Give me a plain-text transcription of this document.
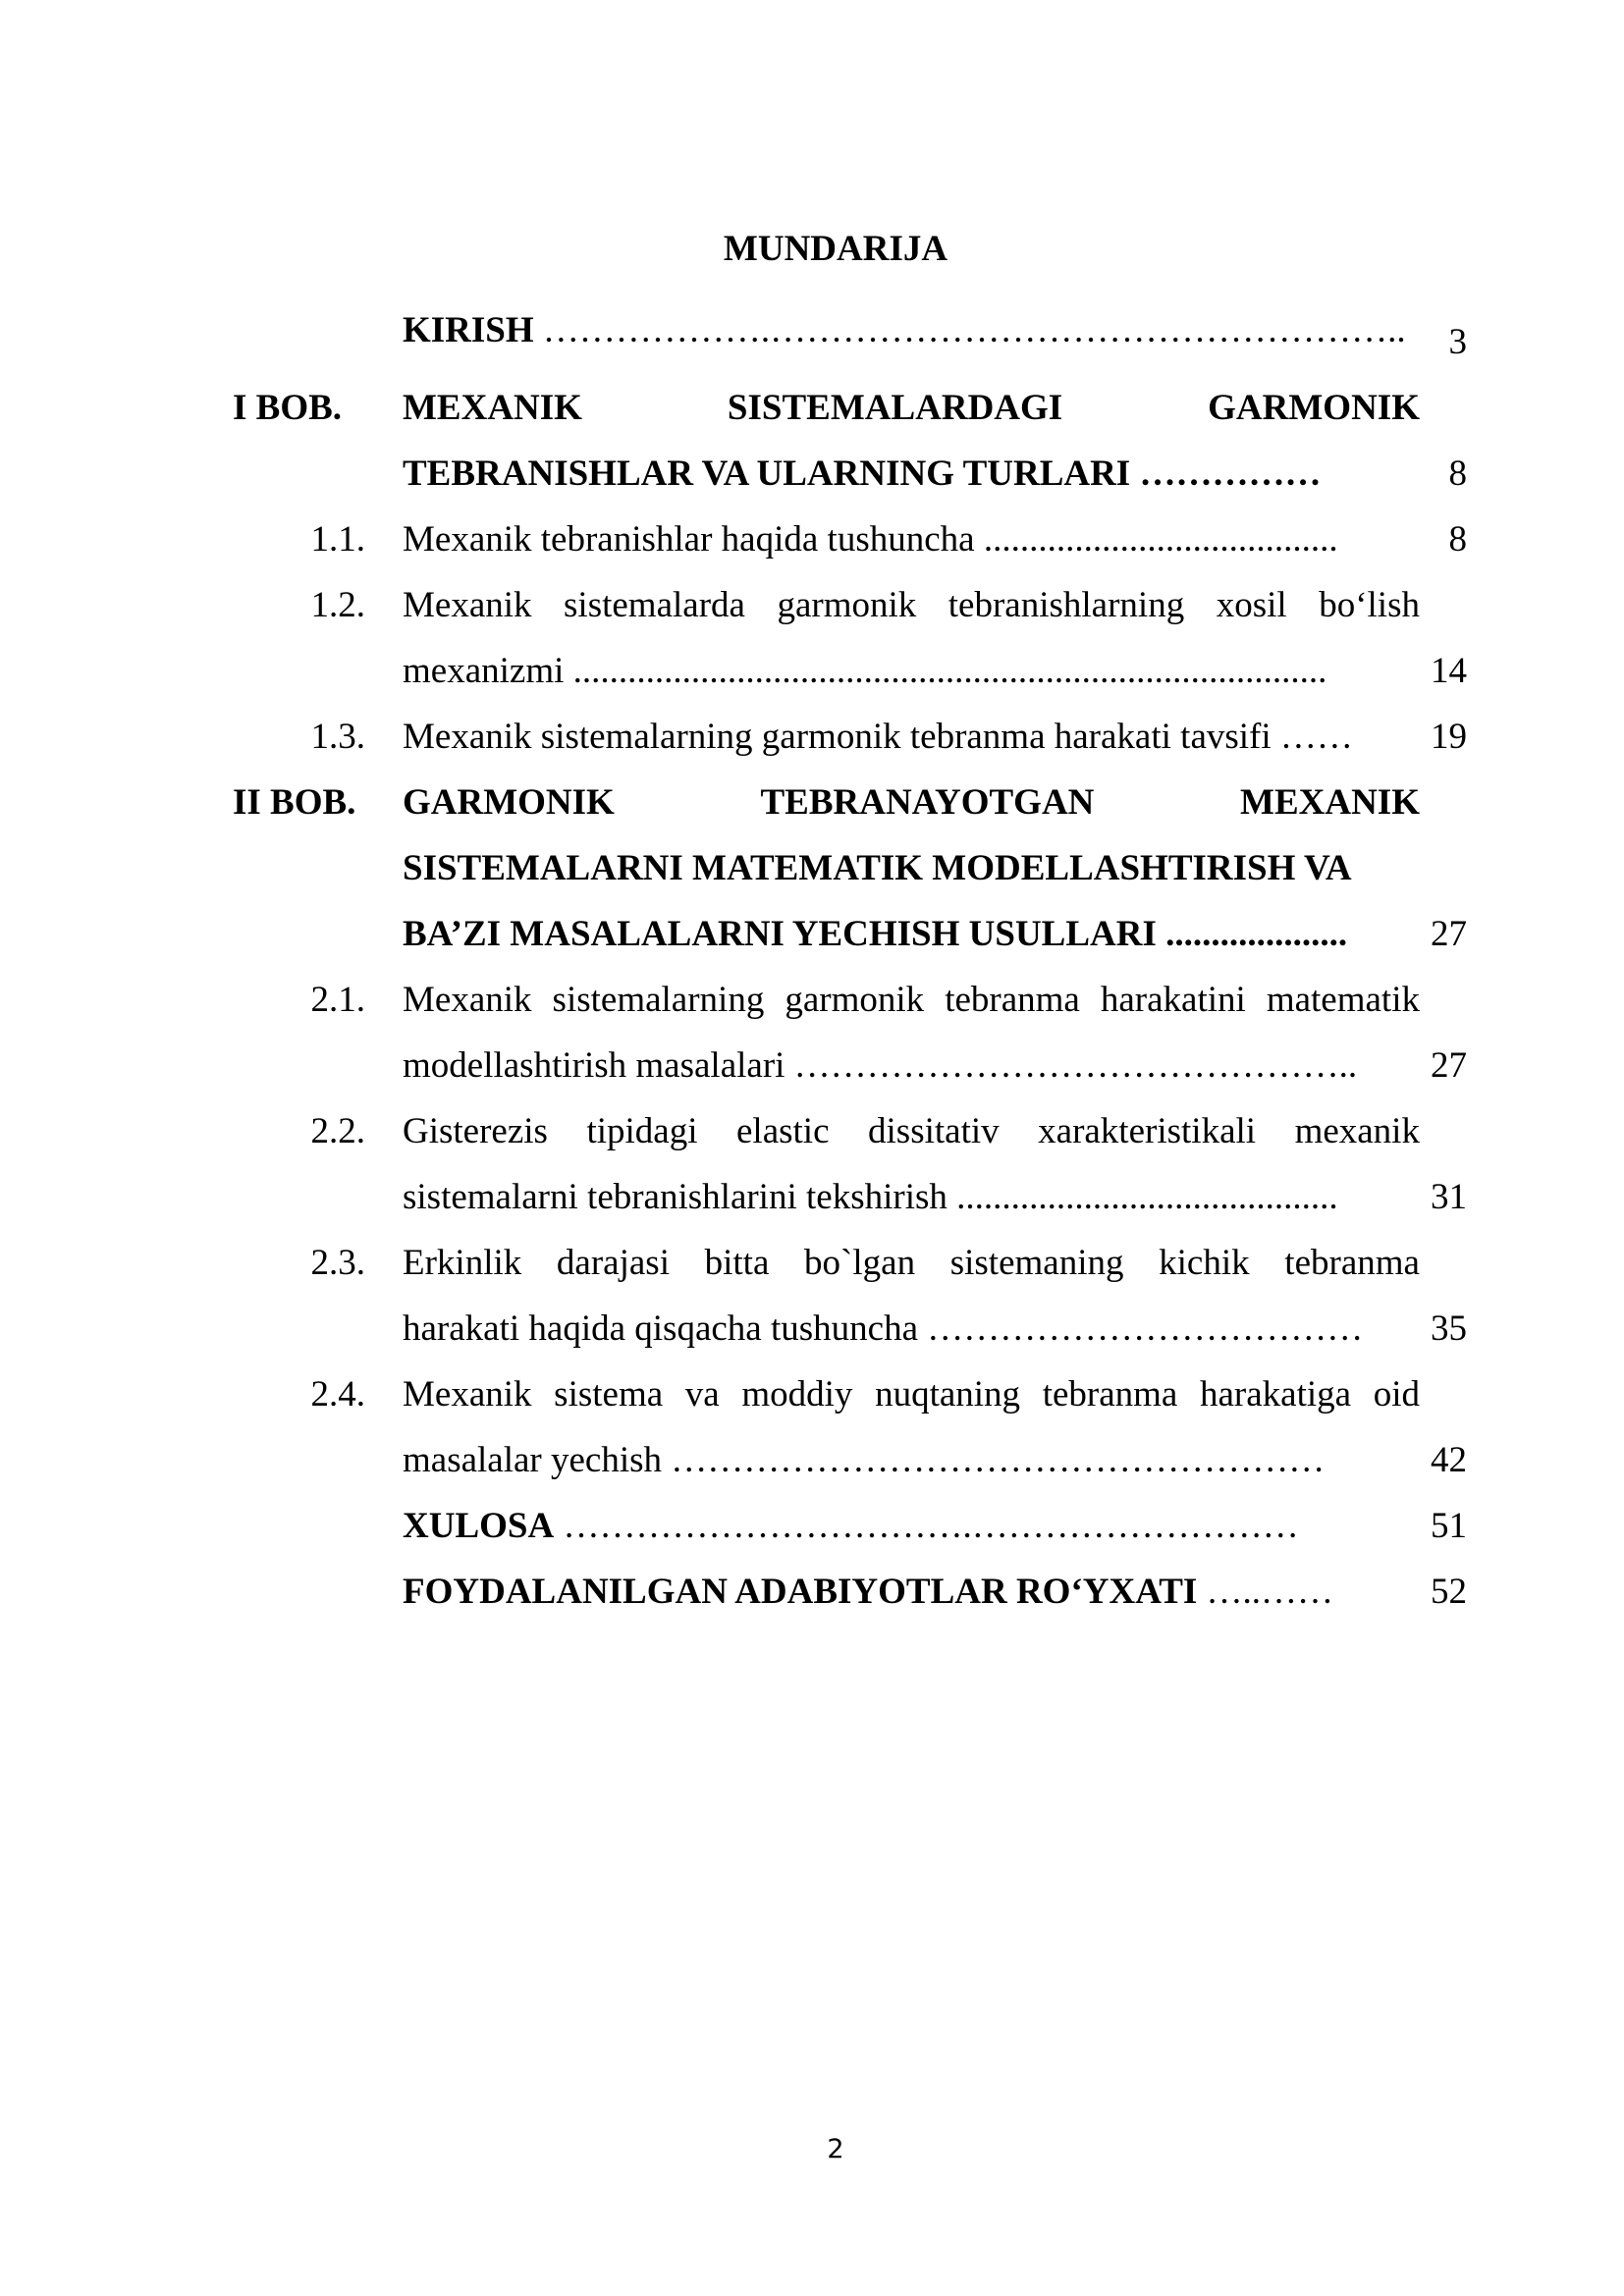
MUNDARIJA
KIRISH ……………….……………………………………………..	3
I BOB. MEXANIK	SISTEMALARDAGI	GARMONIK
TEBRANISHLAR VA ULARNING TURLARI ……………	8
1.1. Mexanik tebranishlar haqida tushuncha .......................................	8
1.2. Mexanik sistemalarda garmonik tebranishlarning xosil bo‘lish
mexanizmi ...................................................................................	14
1.3. Mexanik sistemalarning garmonik tebranma harakati tavsifi ……	19
II BOB. GARMONIK	TEBRANAYOTGAN	MEXANIK
SISTEMALARNI MATEMATIK MODELLASHTIRISH VA
BA’ZI MASALALARNI YECHISH USULLARI ....................	27
2.1. Mexanik sistemalarning garmonik tebranma harakatini matematik
modellashtirish masalalari ………………………………………..	27
2.2. Gisterezis tipidagi elastic dissitativ xarakteristikali mexanik
sistemalarni tebranishlarini tekshirish ..........................................	31
2.3. Erkinlik darajasi bitta bo`lgan sistemaning kichik tebranma
harakati haqida qisqacha tushuncha ………………………………	35
2.4. Mexanik sistema va moddiy nuqtaning tebranma harakatiga oid
masalalar yechish ………………………………………………	42
XULOSA …………………………….………………………	51
FOYDALANILGAN ADABIYOTLAR RO‘YXATI …..……	52
2
